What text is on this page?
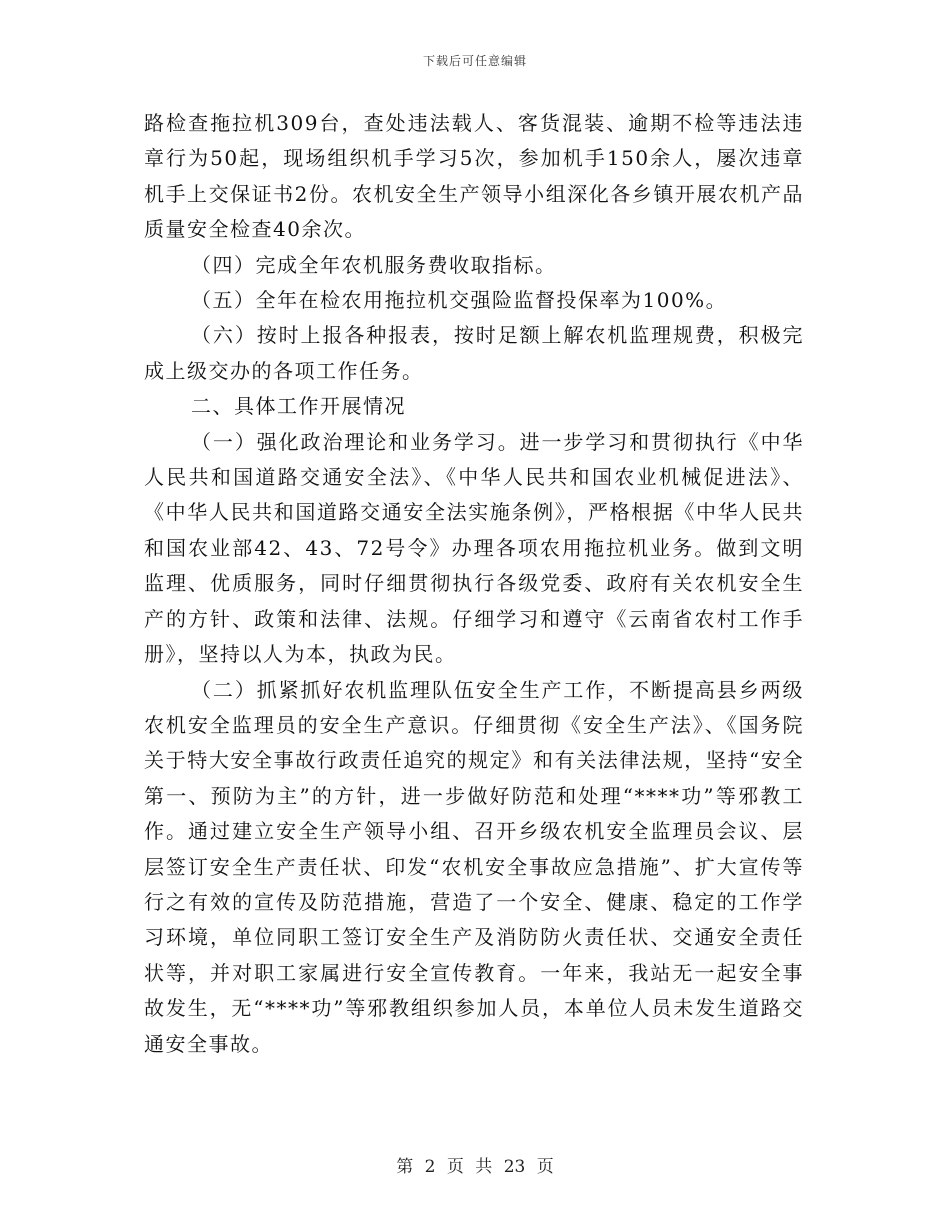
下载后可任意编辑

路检查拖拉机309台，查处违法载人、客货混装、逾期不检等违法违章行为50起，现场组织机手学习5次，参加机手150余人，屡次违章机手上交保证书2份。农机安全生产领导小组深化各乡镇开展农机产品质量安全检查40余次。

（四）完成全年农机服务费收取指标。

（五）全年在检农用拖拉机交强险监督投保率为100%。

（六）按时上报各种报表，按时足额上解农机监理规费，积极完成上级交办的各项工作任务。

二、具体工作开展情况

（一）强化政治理论和业务学习。进一步学习和贯彻执行《中华人民共和国道路交通安全法》、《中华人民共和国农业机械促进法》、《中华人民共和国道路交通安全法实施条例》，严格根据《中华人民共和国农业部42、43、72号令》办理各项农用拖拉机业务。做到文明监理、优质服务，同时仔细贯彻执行各级党委、政府有关农机安全生产的方针、政策和法律、法规。仔细学习和遵守《云南省农村工作手册》，坚持以人为本，执政为民。

（二）抓紧抓好农机监理队伍安全生产工作，不断提高县乡两级农机安全监理员的安全生产意识。仔细贯彻《安全生产法》、《国务院关于特大安全事故行政责任追究的规定》和有关法律法规，坚持“安全第一、预防为主”的方针，进一步做好防范和处理“****功”等邪教工作。通过建立安全生产领导小组、召开乡级农机安全监理员会议、层层签订安全生产责任状、印发“农机安全事故应急措施”、扩大宣传等行之有效的宣传及防范措施，营造了一个安全、健康、稳定的工作学习环境，单位同职工签订安全生产及消防防火责任状、交通安全责任状等，并对职工家属进行安全宣传教育。一年来，我站无一起安全事故发生，无“****功”等邪教组织参加人员，本单位人员未发生道路交通安全事故。

第 2 页 共 23 页
